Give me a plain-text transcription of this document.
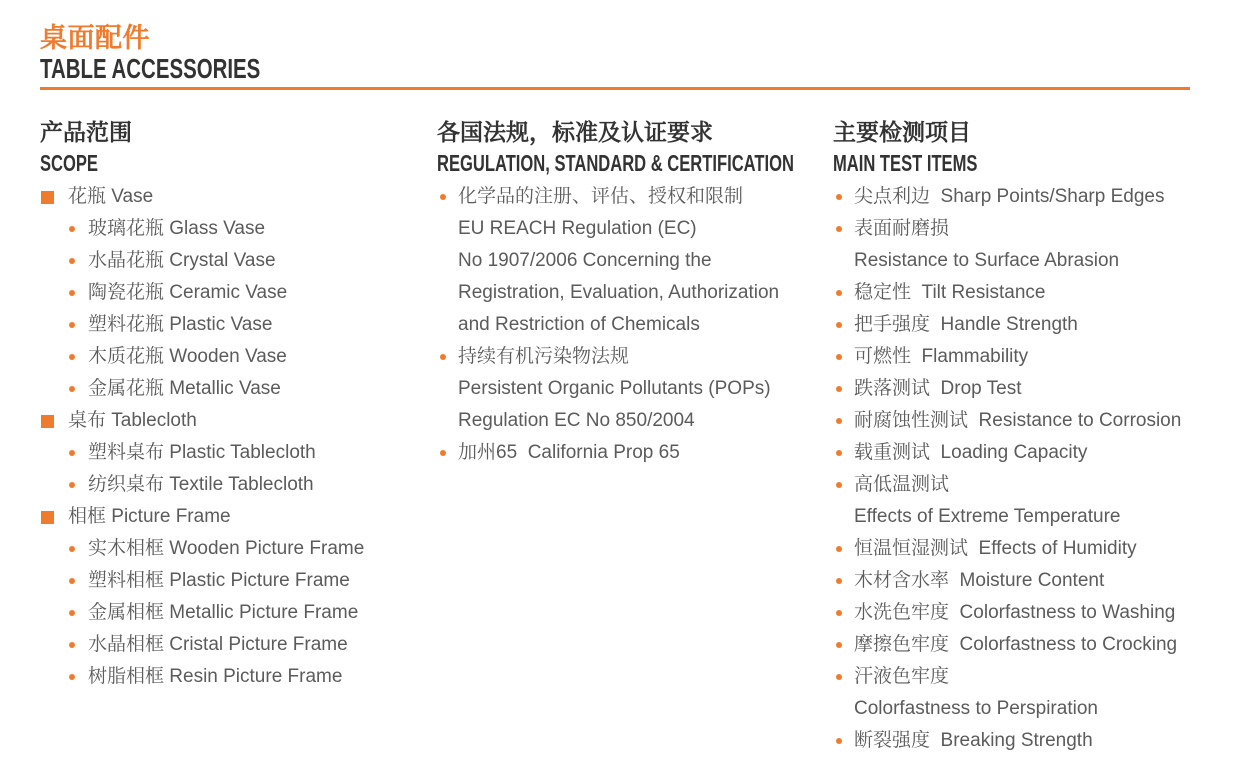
桌面配件
TABLE ACCESSORIES
产品范围
SCOPE
花瓶 Vase
玻璃花瓶 Glass Vase
水晶花瓶 Crystal Vase
陶瓷花瓶 Ceramic Vase
塑料花瓶 Plastic Vase
木质花瓶 Wooden Vase
金属花瓶 Metallic Vase
桌布 Tablecloth
塑料桌布 Plastic Tablecloth
纺织桌布 Textile Tablecloth
相框 Picture Frame
实木相框 Wooden Picture Frame
塑料相框 Plastic Picture Frame
金属相框 Metallic Picture Frame
水晶相框 Cristal Picture Frame
树脂相框 Resin Picture Frame
各国法规，标准及认证要求
REGULATION, STANDARD & CERTIFICATION
化学品的注册、评估、授权和限制
EU REACH Regulation (EC)
No 1907/2006 Concerning the
Registration, Evaluation, Authorization
and Restriction of Chemicals
持续有机污染物法规
Persistent Organic Pollutants (POPs)
Regulation EC No 850/2004
加州65  California Prop 65
主要检测项目
MAIN TEST ITEMS
尖点利边  Sharp Points/Sharp Edges
表面耐磨损
Resistance to Surface Abrasion
稳定性  Tilt Resistance
把手强度  Handle Strength
可燃性  Flammability
跌落测试  Drop Test
耐腐蚀性测试  Resistance to Corrosion
载重测试  Loading Capacity
高低温测试
Effects of Extreme Temperature
恒温恒湿测试  Effects of Humidity
木材含水率  Moisture Content
水洗色牢度  Colorfastness to Washing
摩擦色牢度  Colorfastness to Crocking
汗液色牢度
Colorfastness to Perspiration
断裂强度  Breaking Strength
